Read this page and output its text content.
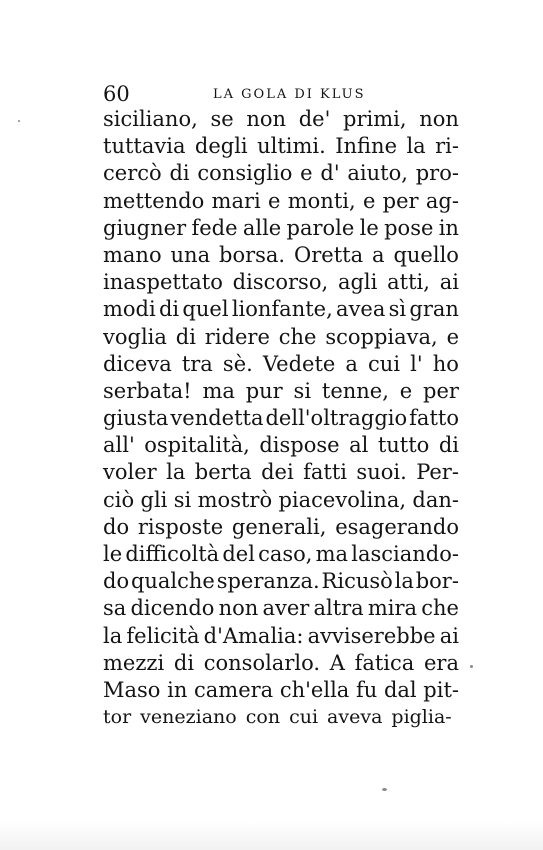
60	LA GOLA DI KLUS
siciliano, se non de' primi, non
tuttavia degli ultimi. Infine la ri-
cercò di consiglio e d' aiuto, pro-
mettendo mari e monti, e per ag-
giugner fede alle parole le pose in
mano una borsa. Oretta a quello
inaspettato discorso, agli atti, ai
modi di quel lionfante, avea sì gran
voglia di ridere che scoppiava, e
diceva tra sè. Vedete a cui l' ho
serbata! ma pur si tenne, e per
giusta vendetta dell'oltraggio fatto
all' ospitalità, dispose al tutto di
voler la berta dei fatti suoi. Per-
ciò gli si mostrò piacevolina, dan-
do risposte generali, esagerando
le difficoltà del caso, ma lasciando-
do qualche speranza. Ricusò la bor-
sa dicendo non aver altra mira che
la felicità d'Amalia: avviserebbe ai
mezzi di consolarlo. A fatica era
Maso in camera ch'ella fu dal pit-
tor veneziano con cui aveva piglia-
